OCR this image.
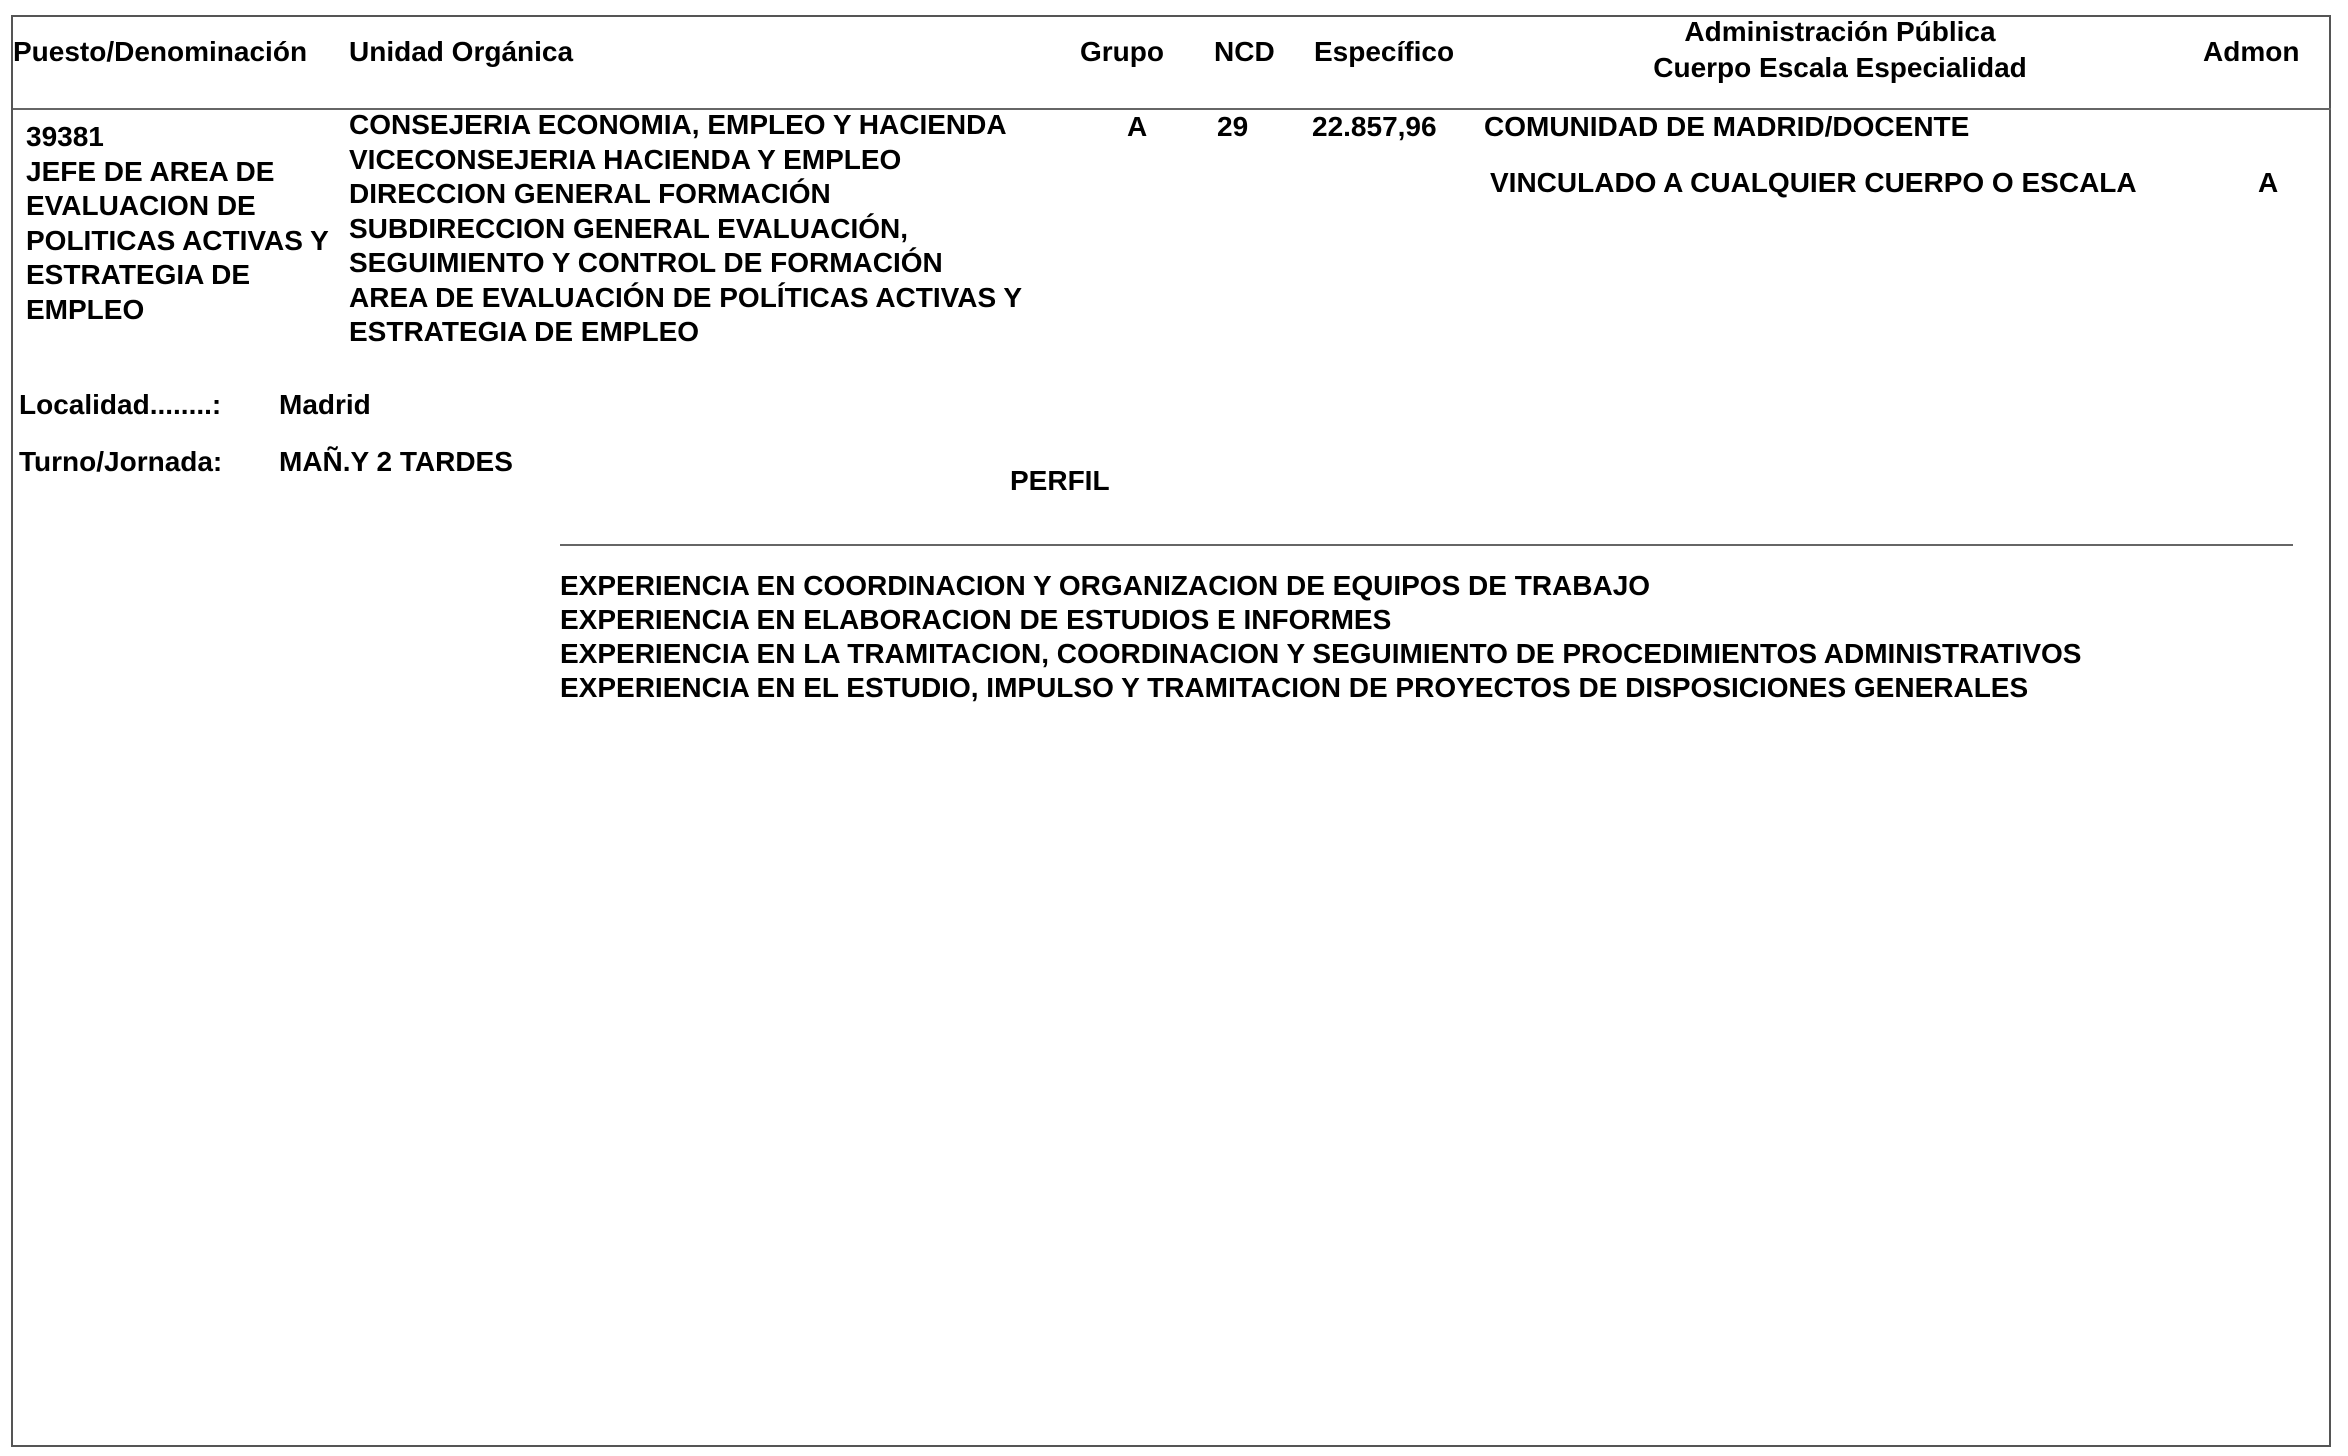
Puesto/Denominación Unidad Orgánica	Grupo NCD Específico
Administración Pública
Cuerpo Escala Especialidad
Admon
39381
JEFE DE AREA DE
EVALUACION DE
POLITICAS ACTIVAS Y
ESTRATEGIA DE
EMPLEO
CONSEJERIA ECONOMIA, EMPLEO Y HACIENDA
VICECONSEJERIA HACIENDA Y EMPLEO
DIRECCION GENERAL FORMACIÓN
SUBDIRECCION GENERAL EVALUACIÓN,
SEGUIMIENTO Y CONTROL DE FORMACIÓN
AREA DE EVALUACIÓN DE POLÍTICAS ACTIVAS Y
ESTRATEGIA DE EMPLEO
A 29 22.857,96 COMUNIDAD DE MADRID/DOCENTE
VINCULADO A CUALQUIER CUERPO O ESCALA	A
Localidad........: Madrid
Turno/Jornada: MAÑ.Y 2 TARDES
PERFIL
EXPERIENCIA EN COORDINACION Y ORGANIZACION DE EQUIPOS DE TRABAJO
EXPERIENCIA EN ELABORACION DE ESTUDIOS E INFORMES
EXPERIENCIA EN LA TRAMITACION, COORDINACION Y SEGUIMIENTO DE PROCEDIMIENTOS ADMINISTRATIVOS
EXPERIENCIA EN EL ESTUDIO, IMPULSO Y TRAMITACION DE PROYECTOS DE DISPOSICIONES GENERALES
